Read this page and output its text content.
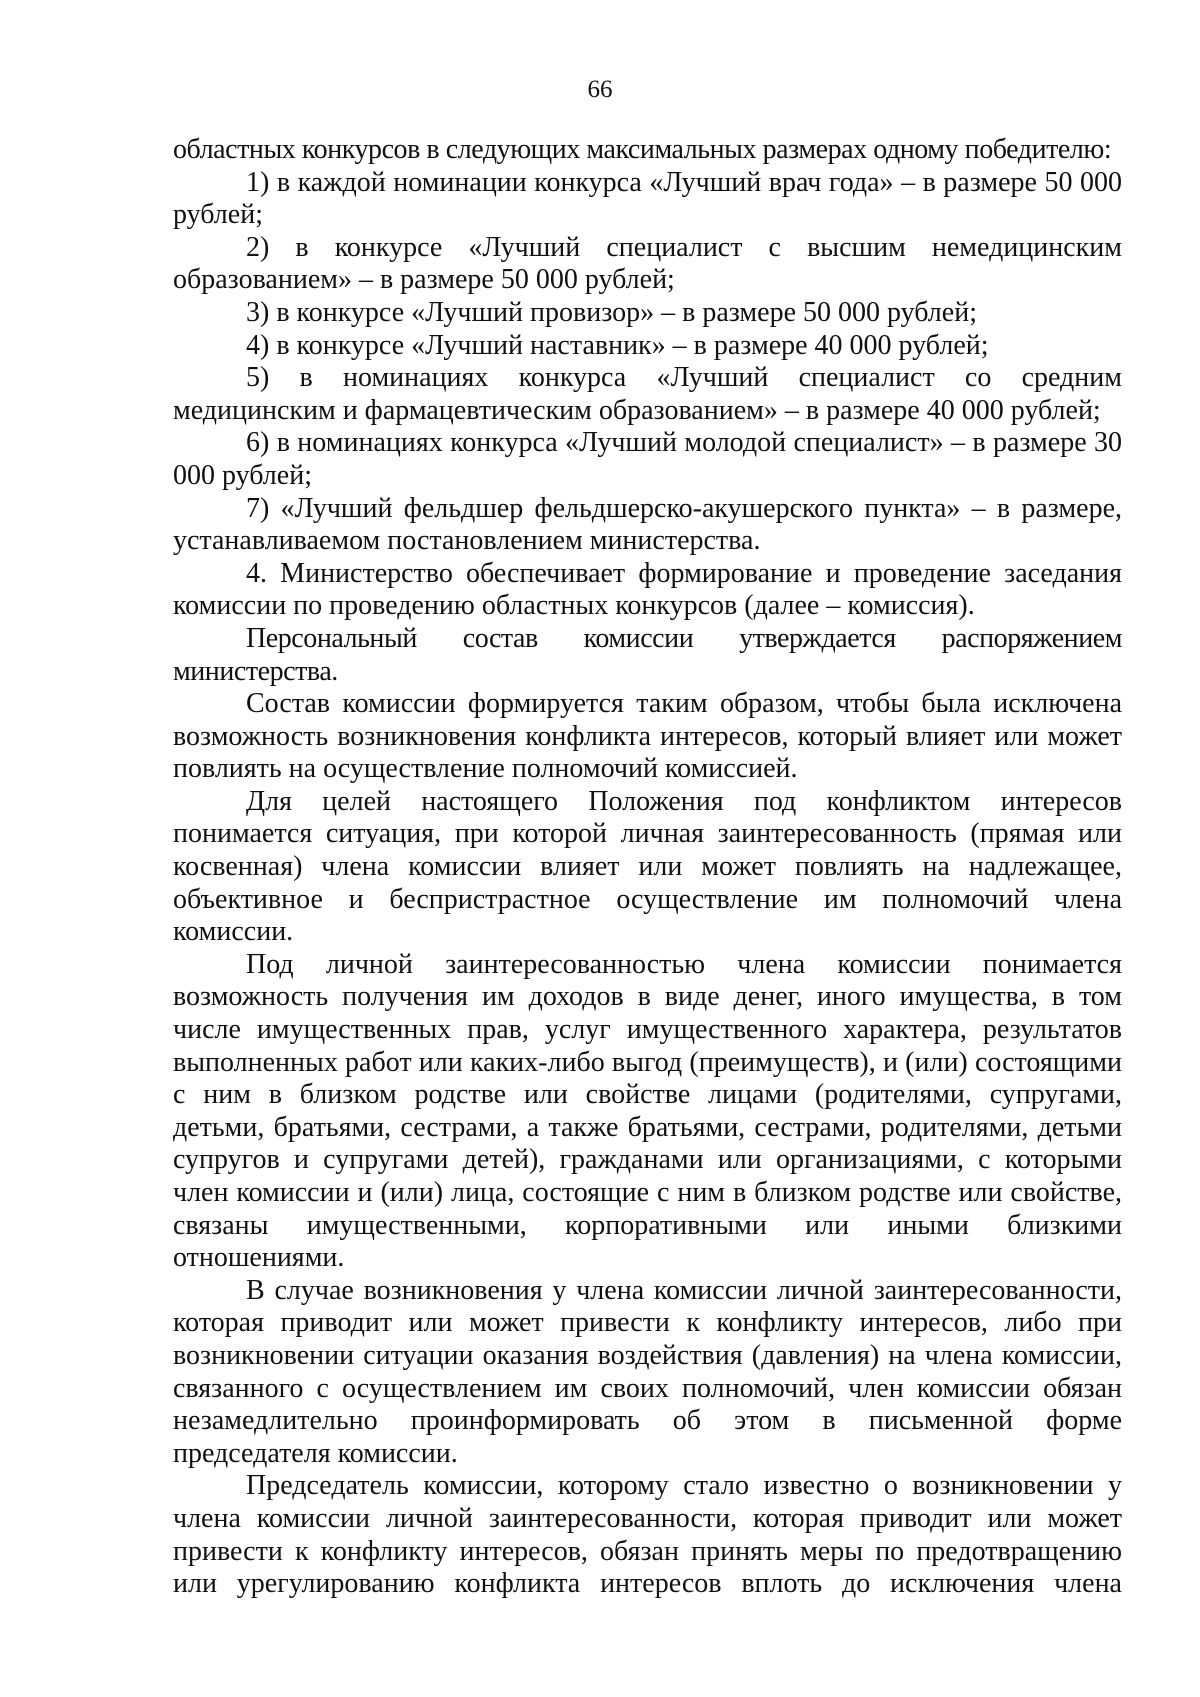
66

областных конкурсов в следующих максимальных размерах одному победителю:

1) в каждой номинации конкурса «Лучший врач года» – в размере 50 000 рублей;

2) в конкурсе «Лучший специалист с высшим немедицинским образованием» – в размере 50 000 рублей;

3) в конкурсе «Лучший провизор» – в размере 50 000 рублей;

4) в конкурсе «Лучший наставник» – в размере 40 000 рублей;

5) в номинациях конкурса «Лучший специалист со средним медицинским и фармацевтическим образованием» – в размере 40 000 рублей;

6) в номинациях конкурса «Лучший молодой специалист» – в размере 30 000 рублей;

7) «Лучший фельдшер фельдшерско-акушерского пункта» – в размере, устанавливаемом постановлением министерства.

4. Министерство обеспечивает формирование и проведение заседания комиссии по проведению областных конкурсов (далее – комиссия).

Персональный состав комиссии утверждается распоряжением министерства.

Состав комиссии формируется таким образом, чтобы была исключена возможность возникновения конфликта интересов, который влияет или может повлиять на осуществление полномочий комиссией.

Для целей настоящего Положения под конфликтом интересов понимается ситуация, при которой личная заинтересованность (прямая или косвенная) члена комиссии влияет или может повлиять на надлежащее, объективное и беспристрастное осуществление им полномочий члена комиссии.

Под личной заинтересованностью члена комиссии понимается возможность получения им доходов в виде денег, иного имущества, в том числе имущественных прав, услуг имущественного характера, результатов выполненных работ или каких-либо выгод (преимуществ), и (или) состоящими с ним в близком родстве или свойстве лицами (родителями, супругами, детьми, братьями, сестрами, а также братьями, сестрами, родителями, детьми супругов и супругами детей), гражданами или организациями, с которыми член комиссии и (или) лица, состоящие с ним в близком родстве или свойстве, связаны имущественными, корпоративными или иными близкими отношениями.

В случае возникновения у члена комиссии личной заинтересованности, которая приводит или может привести к конфликту интересов, либо при возникновении ситуации оказания воздействия (давления) на члена комиссии, связанного с осуществлением им своих полномочий, член комиссии обязан незамедлительно проинформировать об этом в письменной форме председателя комиссии.

Председатель комиссии, которому стало известно о возникновении у члена комиссии личной заинтересованности, которая приводит или может привести к конфликту интересов, обязан принять меры по предотвращению или урегулированию конфликта интересов вплоть до исключения члена
